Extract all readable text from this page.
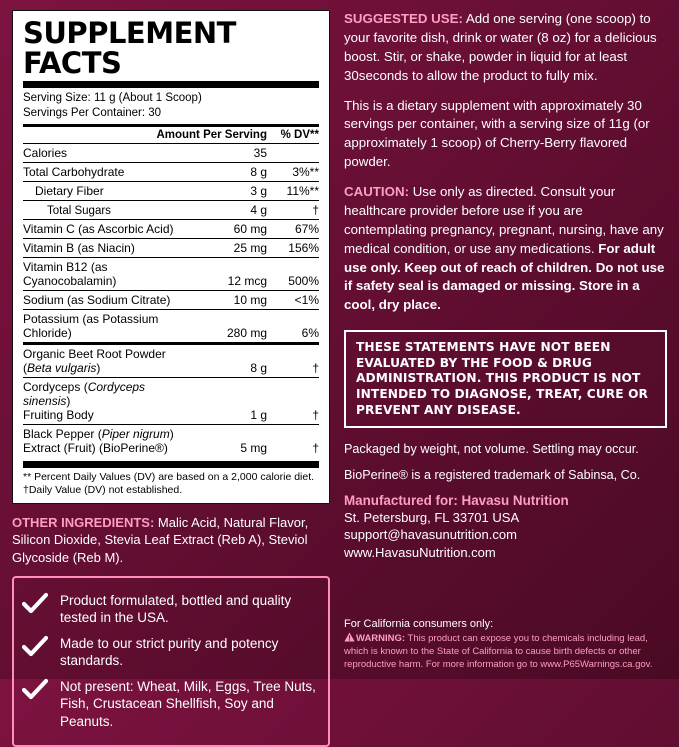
SUPPLEMENT FACTS
Serving Size: 11 g (About 1 Scoop)
Servings Per Container: 30
Amount Per Serving	% DV**
Calories	35	
Total Carbohydrate	8 g	3%**
Dietary Fiber	3 g	11%**
Total Sugars	4 g	†
Vitamin C (as Ascorbic Acid)	60 mg	67%
Vitamin B (as Niacin)	25 mg	156%
Vitamin B12 (as Cyanocobalamin)	12 mcg	500%
Sodium (as Sodium Citrate)	10 mg	<1%
Potassium (as Potassium Chloride)	280 mg	6%
Organic Beet Root Powder (Beta vulgaris)	8 g	†
Cordyceps (Cordyceps sinensis)
Fruiting Body	1 g	†
Black Pepper (Piper nigrum)
Extract (Fruit) (BioPerine®)	5 mg	†
** Percent Daily Values (DV) are based on a 2,000 calorie diet.
†Daily Value (DV) not established.
OTHER INGREDIENTS: Malic Acid, Natural Flavor, Silicon Dioxide, Stevia Leaf Extract (Reb A), Steviol Glycoside (Reb M).
Product formulated, bottled and quality tested in the USA.
Made to our strict purity and potency standards.
Not present: Wheat, Milk, Eggs, Tree Nuts, Fish, Crustacean Shellfish, Soy and Peanuts.
SUGGESTED USE: Add one serving (one scoop) to your favorite dish, drink or water (8 oz) for a delicious boost. Stir, or shake, powder in liquid for at least 30seconds to allow the product to fully mix.
This is a dietary supplement with approximately 30 servings per container, with a serving size of 11g (or approximately 1 scoop) of Cherry-Berry flavored powder.
CAUTION: Use only as directed. Consult your healthcare provider before use if you are contemplating pregnancy, pregnant, nursing, have any medical condition, or use any medications. For adult use only. Keep out of reach of children. Do not use if safety seal is damaged or missing. Store in a cool, dry place.
THESE STATEMENTS HAVE NOT BEEN EVALUATED BY THE FOOD & DRUG ADMINISTRATION. THIS PRODUCT IS NOT INTENDED TO DIAGNOSE, TREAT, CURE OR PREVENT ANY DISEASE.
Packaged by weight, not volume. Settling may occur.
BioPerine® is a registered trademark of Sabinsa, Co.
Manufactured for: Havasu Nutrition
St. Petersburg, FL 33701 USA
support@havasunutrition.com
www.HavasuNutrition.com
For California consumers only:
WARNING: This product can expose you to chemicals including lead, which is known to the State of California to cause birth defects or other reproductive harm. For more information go to www.P65Warnings.ca.gov.
